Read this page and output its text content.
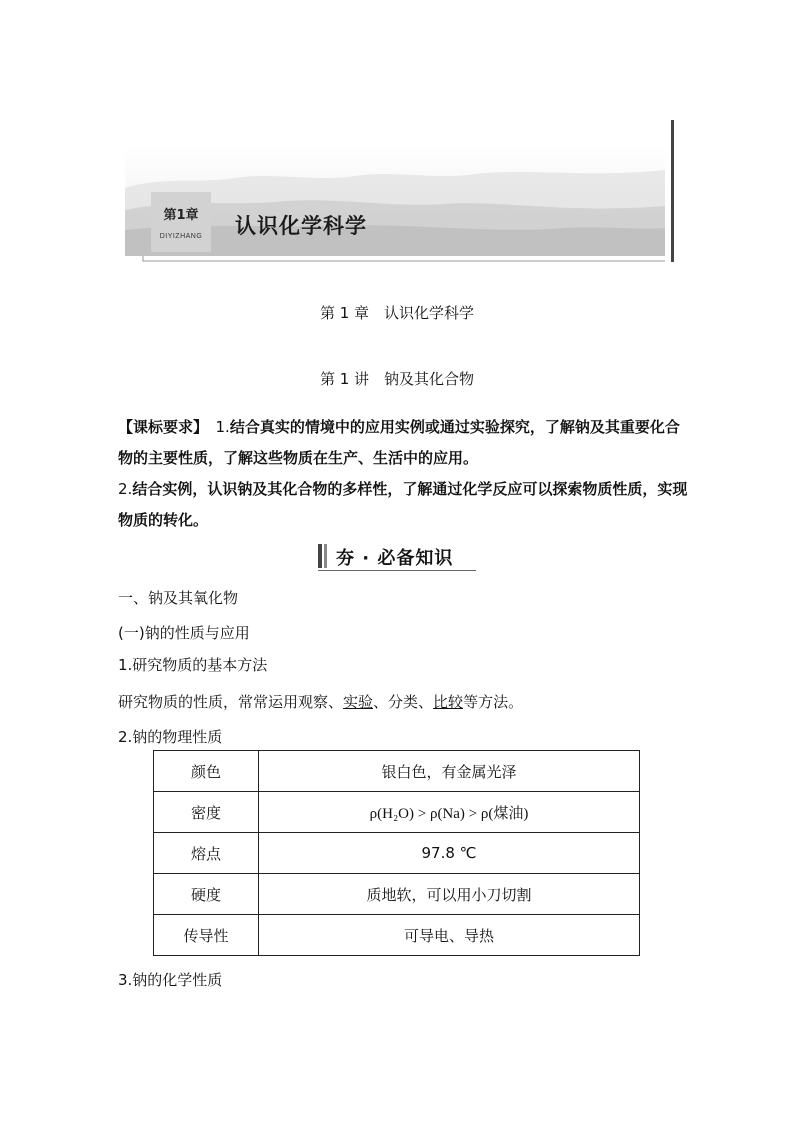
第1章
DIYIZHANG	认识化学科学
第 1 章　认识化学科学
第 1 讲　钠及其化合物
【课标要求】　1.结合真实的情境中的应用实例或通过实验探究，了解钠及其重要化合物的主要性质，了解这些物质在生产、生活中的应用。
2.结合实例，认识钠及其化合物的多样性，了解通过化学反应可以探索物质性质，实现物质的转化。
夯 · 必备知识
一、钠及其氧化物
(一)钠的性质与应用
1.研究物质的基本方法
研究物质的性质，常常运用观察、实验、分类、比较等方法。
2.钠的物理性质
颜色	银白色，有金属光泽
密度	ρ(H₂O) > ρ(Na) > ρ(煤油)
熔点	97.8 ℃
硬度	质地软，可以用小刀切割
传导性	可导电、导热
3.钠的化学性质
